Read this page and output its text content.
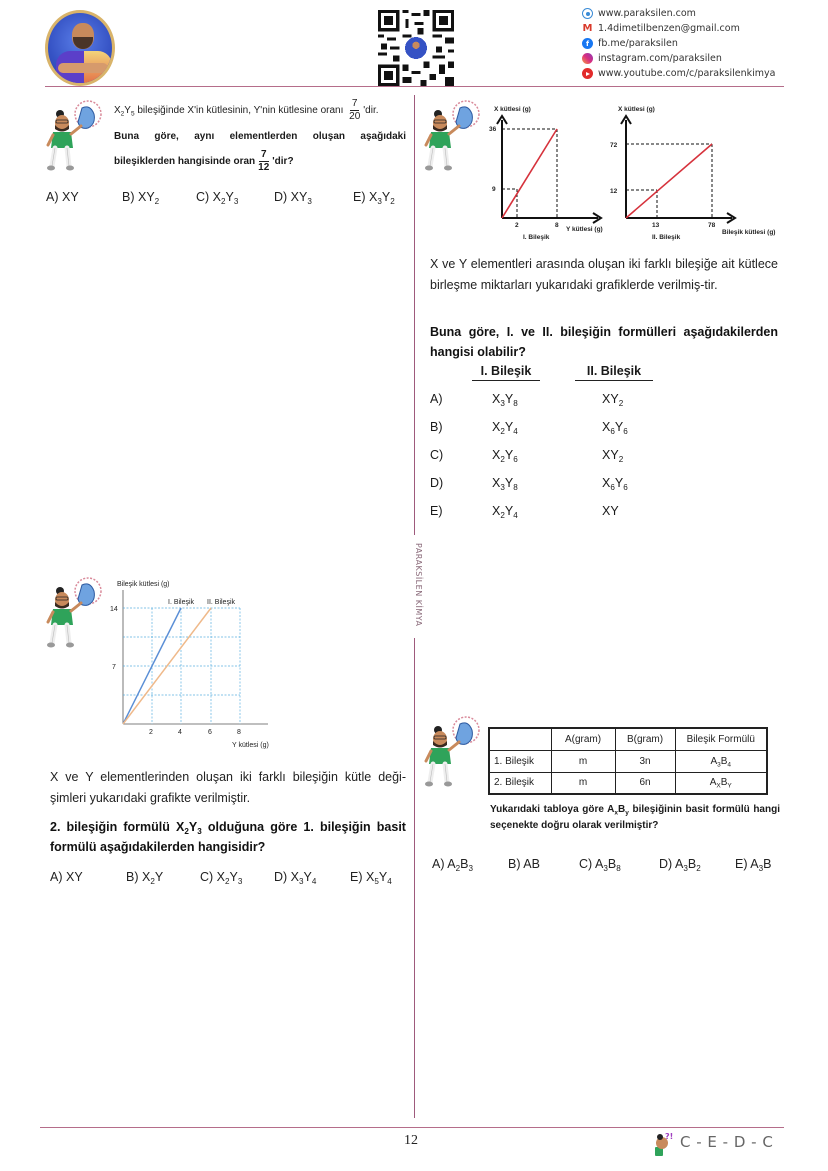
www.paraksilen.com
M 1.4dimetilbenzen@gmail.com
f fb.me/paraksilen
instagram.com/paraksilen
www.youtube.com/c/paraksilenkimya
PARAKSİLEN KİMYA
$X_2Y_5$ bileşiğinde X'in kütlesinin, Y'nin kütlesine oranı $\frac{7}{20}$ 'dir.
Buna göre, aynı elementlerden oluşan aşağıdaki
bileşiklerden hangisinde oran $\frac{7}{12}$ 'dir?
A) XY	B) $XY_2$	C) $X_2Y_3$	D) $XY_3$	E) $X_3Y_2$
X kütlesi (g)
36
9
2	8
Y kütlesi (g)
I. Bileşik
X kütlesi (g)
72
12
13	78
Bileşik kütlesi (g)
II. Bileşik
X ve Y elementleri arasında oluşan iki farklı bileşiğe ait kütlece birleşme miktarları yukarıdaki grafiklerde verilmiş-tir.
Buna göre, I. ve II. bileşiğin formülleri aşağıdakilerden hangisi olabilir?
I. Bileşik	II. Bileşik
A)	$X_3Y_8$	$XY_2$
B)	$X_2Y_4$	$X_6Y_6$
C)	$X_2Y_6$	$XY_2$
D)	$X_3Y_8$	$X_6Y_6$
E)	$X_2Y_4$	XY
Bileşik kütlesi (g)
14
7
2	4	6	8
Y kütlesi (g)
I. Bileşik II. Bileşik
X ve Y elementlerinden oluşan iki farklı bileşiğin kütle deği-şimleri yukarıdaki grafikte verilmiştir.
2. bileşiğin formülü $X_2Y_3$ olduğuna göre 1. bileşiğin basit formülü aşağıdakilerden hangisidir?
A) XY	B) $X_2Y$	C) $X_2Y_3$	D) $X_3Y_4$	E) $X_5Y_4$
	A(gram)	B(gram)	Bileşik Formülü
1. Bileşik	m	3n	$A_3B_4$
2. Bileşik	m	6n	$A_XB_Y$
Yukarıdaki tabloya göre $A_xB_y$ bileşiğinin basit formülü hangi seçenekte doğru olarak verilmiştir?
A) $A_2B_3$	B) AB	C) $A_3B_8$	D) $A_3B_2$	E) $A_3B$
12	?! C - E - D - C
